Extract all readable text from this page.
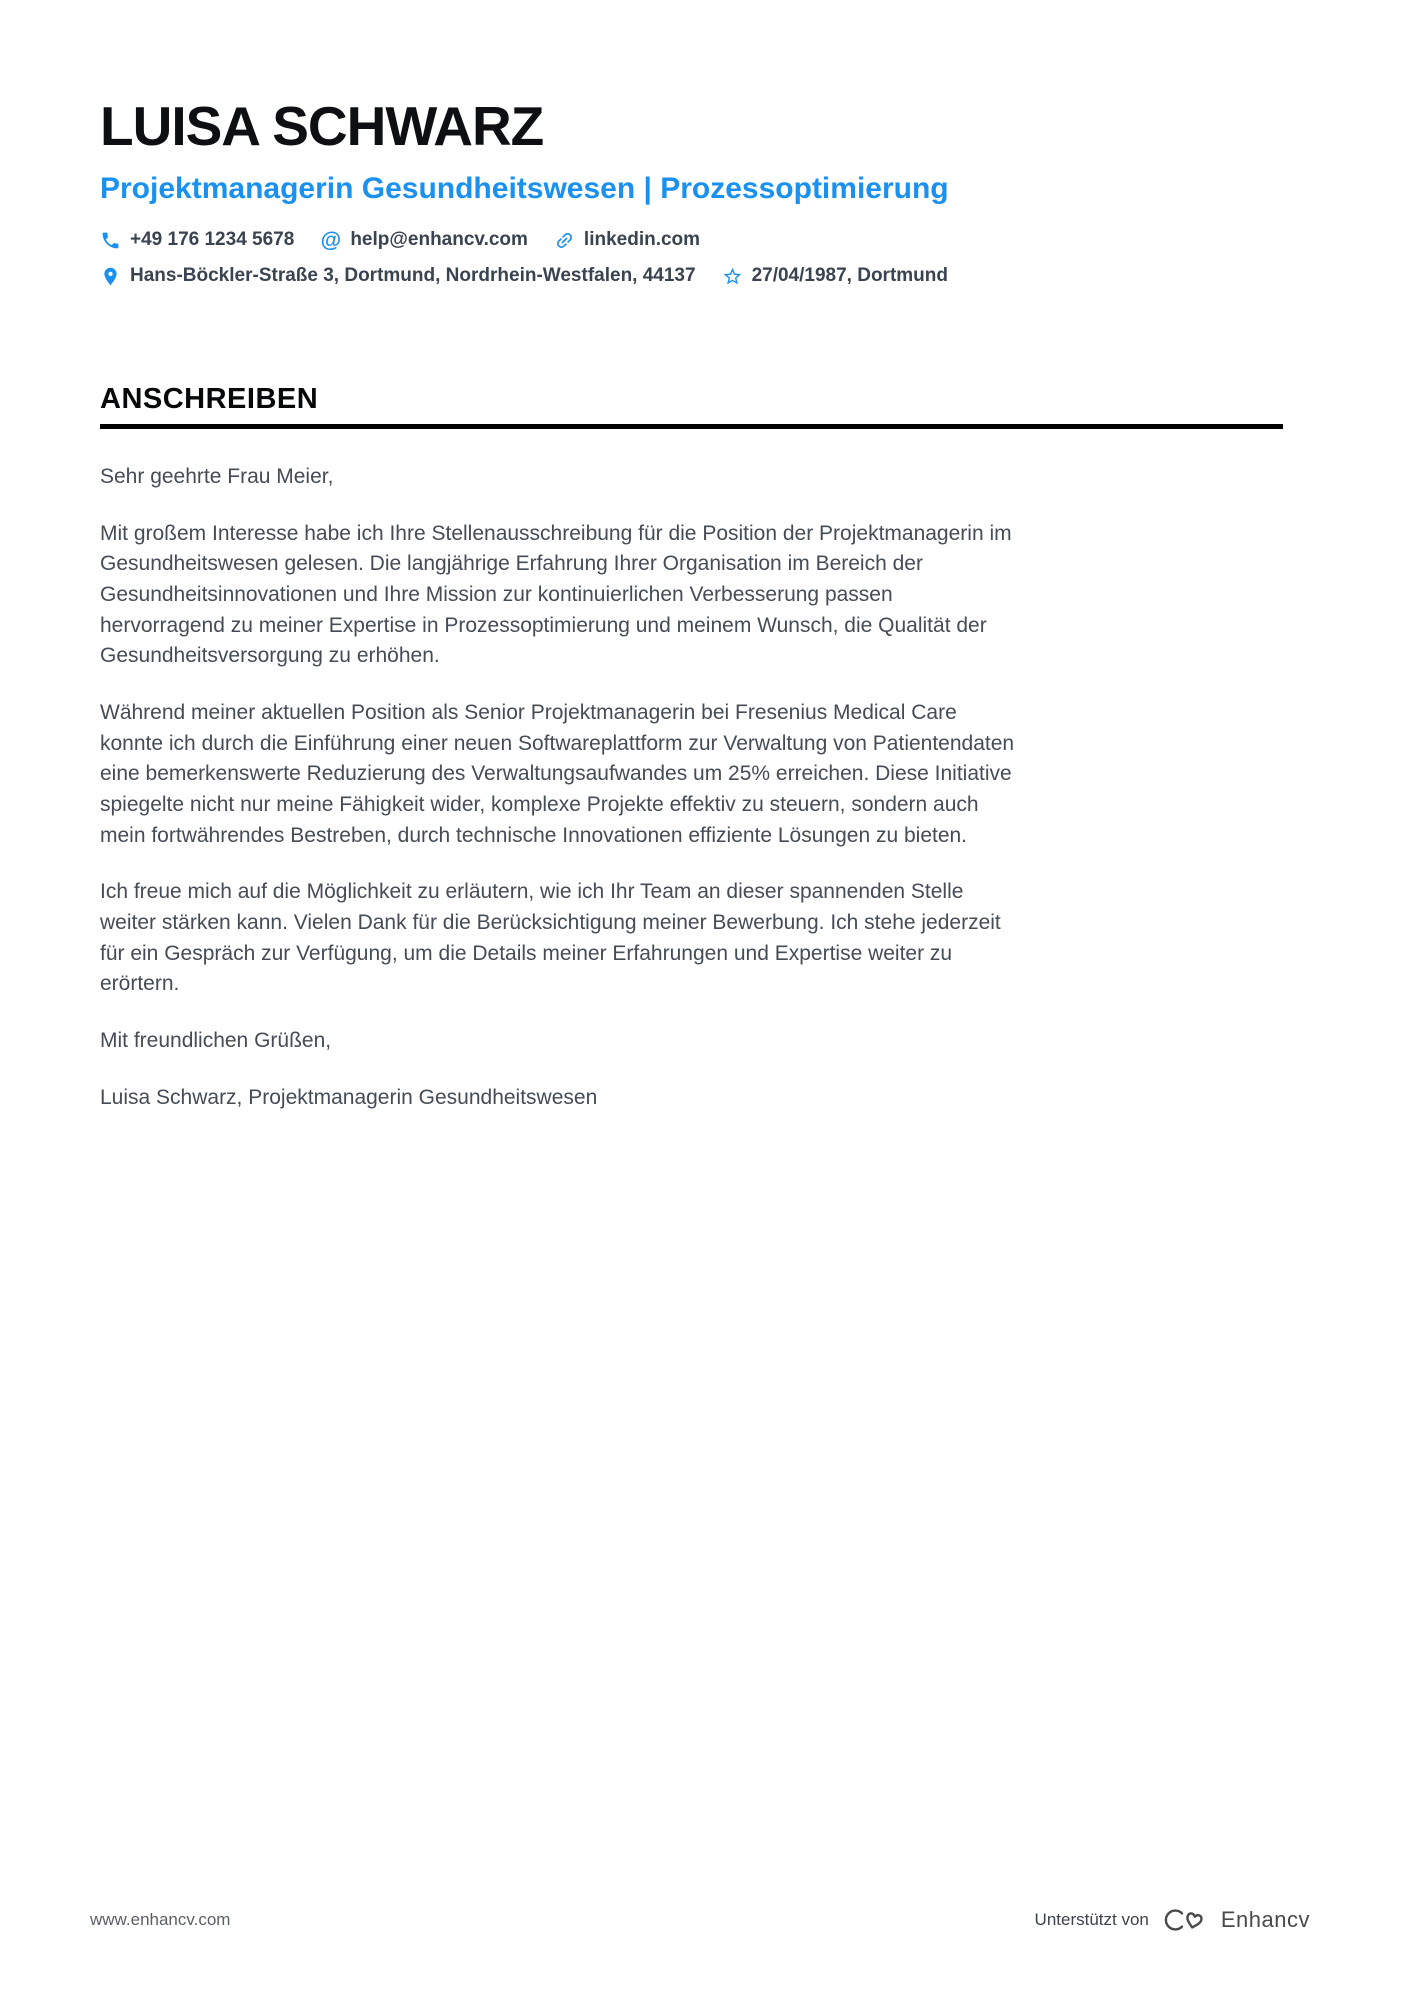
LUISA SCHWARZ
Projektmanagerin Gesundheitswesen | Prozessoptimierung
+49 176 1234 5678 @ help@enhancv.com	linkedin.com
Hans-Böckler-Straße 3, Dortmund, Nordrhein-Westfalen, 44137	27/04/1987, Dortmund
ANSCHREIBEN

Sehr geehrte Frau Meier,

Mit großem Interesse habe ich Ihre Stellenausschreibung für die Position der Projektmanagerin im Gesundheitswesen gelesen. Die langjährige Erfahrung Ihrer Organisation im Bereich der Gesundheitsinnovationen und Ihre Mission zur kontinuierlichen Verbesserung passen hervorragend zu meiner Expertise in Prozessoptimierung und meinem Wunsch, die Qualität der Gesundheitsversorgung zu erhöhen.

Während meiner aktuellen Position als Senior Projektmanagerin bei Fresenius Medical Care konnte ich durch die Einführung einer neuen Softwareplattform zur Verwaltung von Patientendaten eine bemerkenswerte Reduzierung des Verwaltungsaufwandes um 25% erreichen. Diese Initiative spiegelte nicht nur meine Fähigkeit wider, komplexe Projekte effektiv zu steuern, sondern auch mein fortwährendes Bestreben, durch technische Innovationen effiziente Lösungen zu bieten.

Ich freue mich auf die Möglichkeit zu erläutern, wie ich Ihr Team an dieser spannenden Stelle weiter stärken kann. Vielen Dank für die Berücksichtigung meiner Bewerbung. Ich stehe jederzeit für ein Gespräch zur Verfügung, um die Details meiner Erfahrungen und Expertise weiter zu erörtern.

Mit freundlichen Grüßen,

Luisa Schwarz, Projektmanagerin Gesundheitswesen

www.enhancv.com	Unterstützt von	Enhancv
